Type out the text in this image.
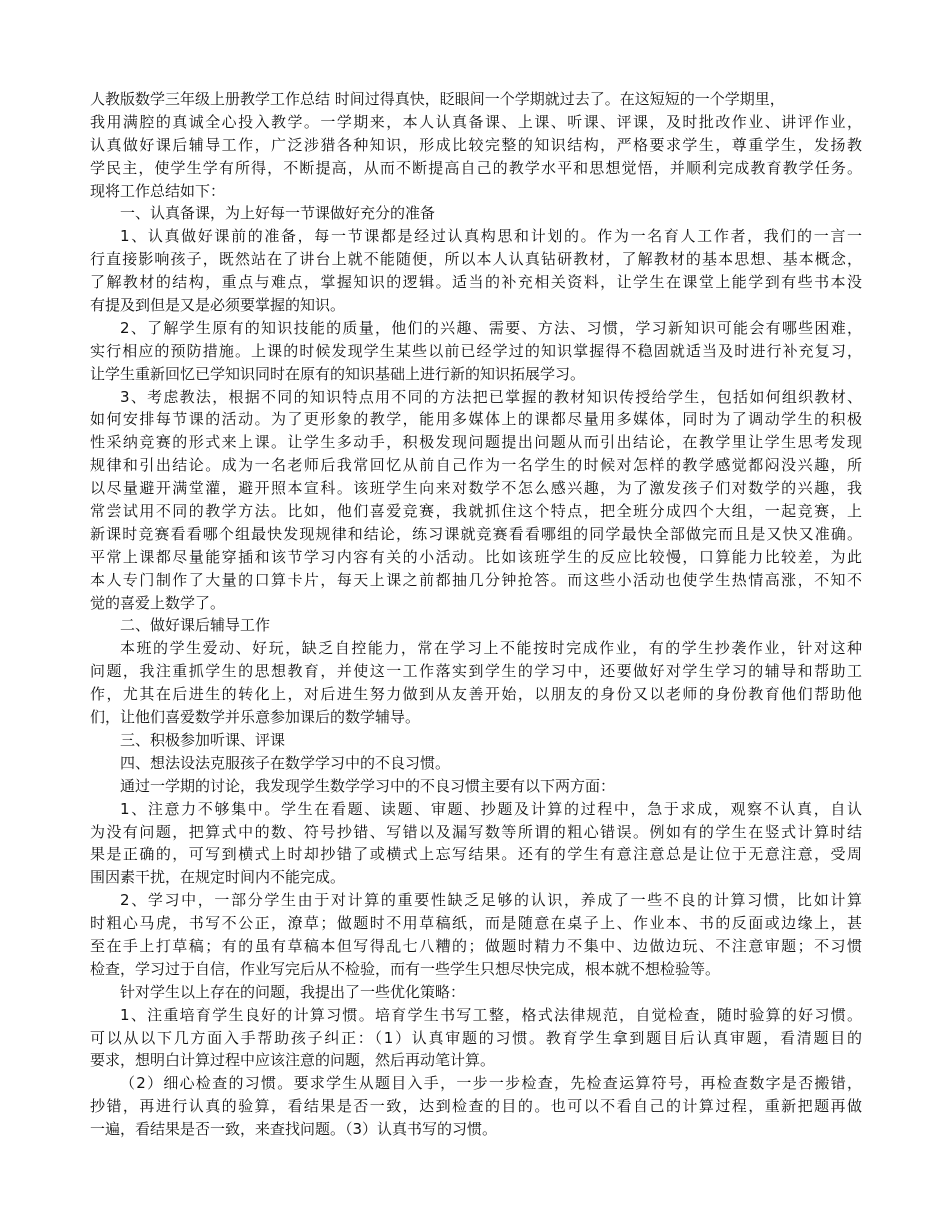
人教版数学三年级上册教学工作总结 时间过得真快，眨眼间一个学期就过去了。在这短短的一个学期里，
我用满腔的真诚全心投入教学。一学期来，本人认真备课、上课、听课、评课，及时批改作业、讲评作业，
认真做好课后辅导工作，广泛涉猎各种知识，形成比较完整的知识结构，严格要求学生，尊重学生，发扬教
学民主，使学生学有所得，不断提高，从而不断提高自己的教学水平和思想觉悟，并顺利完成教育教学任务。
现将工作总结如下：
一、认真备课，为上好每一节课做好充分的准备
1、认真做好课前的准备，每一节课都是经过认真构思和计划的。作为一名育人工作者，我们的一言一
行直接影响孩子，既然站在了讲台上就不能随便，所以本人认真钻研教材，了解教材的基本思想、基本概念，
了解教材的结构，重点与难点，掌握知识的逻辑。适当的补充相关资料，让学生在课堂上能学到有些书本没
有提及到但是又是必须要掌握的知识。
2、了解学生原有的知识技能的质量，他们的兴趣、需要、方法、习惯，学习新知识可能会有哪些困难，
实行相应的预防措施。上课的时候发现学生某些以前已经学过的知识掌握得不稳固就适当及时进行补充复习，
让学生重新回忆已学知识同时在原有的知识基础上进行新的知识拓展学习。
3、考虑教法，根据不同的知识特点用不同的方法把已掌握的教材知识传授给学生，包括如何组织教材、
如何安排每节课的活动。为了更形象的教学，能用多媒体上的课都尽量用多媒体，同时为了调动学生的积极
性采纳竞赛的形式来上课。让学生多动手，积极发现问题提出问题从而引出结论，在教学里让学生思考发现
规律和引出结论。成为一名老师后我常回忆从前自己作为一名学生的时候对怎样的教学感觉都闷没兴趣，所
以尽量避开满堂灌，避开照本宣科。该班学生向来对数学不怎么感兴趣，为了激发孩子们对数学的兴趣，我
常尝试用不同的教学方法。比如，他们喜爱竞赛，我就抓住这个特点，把全班分成四个大组，一起竞赛，上
新课时竞赛看看哪个组最快发现规律和结论，练习课就竞赛看看哪组的同学最快全部做完而且是又快又准确。
平常上课都尽量能穿插和该节学习内容有关的小活动。比如该班学生的反应比较慢，口算能力比较差，为此
本人专门制作了大量的口算卡片，每天上课之前都抽几分钟抢答。而这些小活动也使学生热情高涨，不知不
觉的喜爱上数学了。
二、做好课后辅导工作
本班的学生爱动、好玩，缺乏自控能力，常在学习上不能按时完成作业，有的学生抄袭作业，针对这种
问题，我注重抓学生的思想教育，并使这一工作落实到学生的学习中，还要做好对学生学习的辅导和帮助工
作，尤其在后进生的转化上，对后进生努力做到从友善开始，以朋友的身份又以老师的身份教育他们帮助他
们，让他们喜爱数学并乐意参加课后的数学辅导。
三、积极参加听课、评课
四、想法设法克服孩子在数学学习中的不良习惯。
通过一学期的讨论，我发现学生数学学习中的不良习惯主要有以下两方面：
1、注意力不够集中。学生在看题、读题、审题、抄题及计算的过程中，急于求成，观察不认真，自认
为没有问题，把算式中的数、符号抄错、写错以及漏写数等所谓的粗心错误。例如有的学生在竖式计算时结
果是正确的，可写到横式上时却抄错了或横式上忘写结果。还有的学生有意注意总是让位于无意注意，受周
围因素干扰，在规定时间内不能完成。
2、学习中，一部分学生由于对计算的重要性缺乏足够的认识，养成了一些不良的计算习惯，比如计算
时粗心马虎，书写不公正，潦草；做题时不用草稿纸，而是随意在桌子上、作业本、书的反面或边缘上，甚
至在手上打草稿；有的虽有草稿本但写得乱七八糟的；做题时精力不集中、边做边玩、不注意审题；不习惯
检查，学习过于自信，作业写完后从不检验，而有一些学生只想尽快完成，根本就不想检验等。
针对学生以上存在的问题，我提出了一些优化策略：
1、注重培育学生良好的计算习惯。培育学生书写工整，格式法律规范，自觉检查，随时验算的好习惯。
可以从以下几方面入手帮助孩子纠正：（1）认真审题的习惯。教育学生拿到题目后认真审题，看清题目的
要求，想明白计算过程中应该注意的问题，然后再动笔计算。
（2）细心检查的习惯。要求学生从题目入手，一步一步检查，先检查运算符号，再检查数字是否搬错，
抄错，再进行认真的验算，看结果是否一致，达到检查的目的。也可以不看自己的计算过程，重新把题再做
一遍，看结果是否一致，来查找问题。（3）认真书写的习惯。
